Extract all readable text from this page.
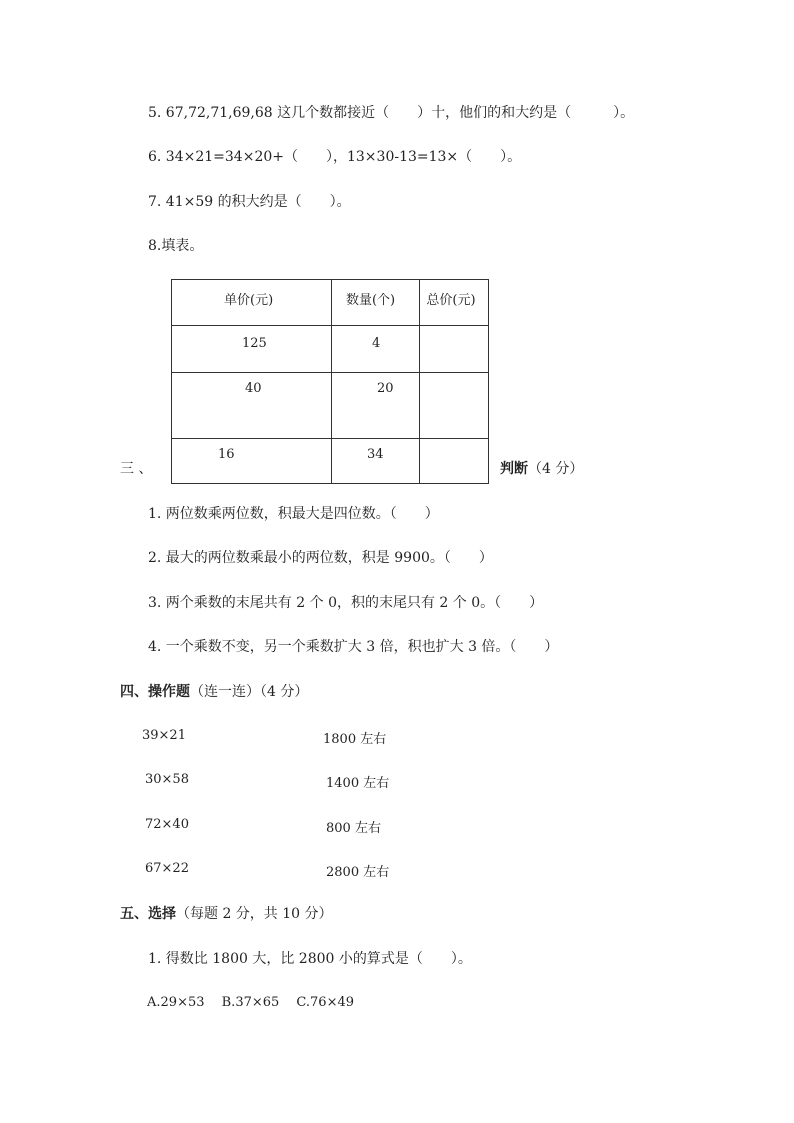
5. 67,72,71,69,68 这几个数都接近（　　）十，他们的和大约是（　　　）。
6. 34×21=34×20+（　　），13×30-13=13×（　　）。
7. 41×59 的积大约是（　　）。
8.填表。
单价(元)	数量(个)	总价(元)

125	4	

40	20	

16	34	

三 、	判断（4 分）
1. 两位数乘两位数，积最大是四位数。（　　）
2. 最大的两位数乘最小的两位数，积是 9900。（　　）
3. 两个乘数的末尾共有 2 个 0，积的末尾只有 2 个 0。（　　）
4. 一个乘数不变，另一个乘数扩大 3 倍，积也扩大 3 倍。（　　）
四、操作题（连一连）（4 分）
39×21
30×58
72×40
67×22
1800 左右
1400 左右
800 左右
2800 左右
五、选择（每题 2 分，共 10 分）
1. 得数比 1800 大，比 2800 小的算式是（　　）。
A.29×53　 B.37×65　 C.76×49
